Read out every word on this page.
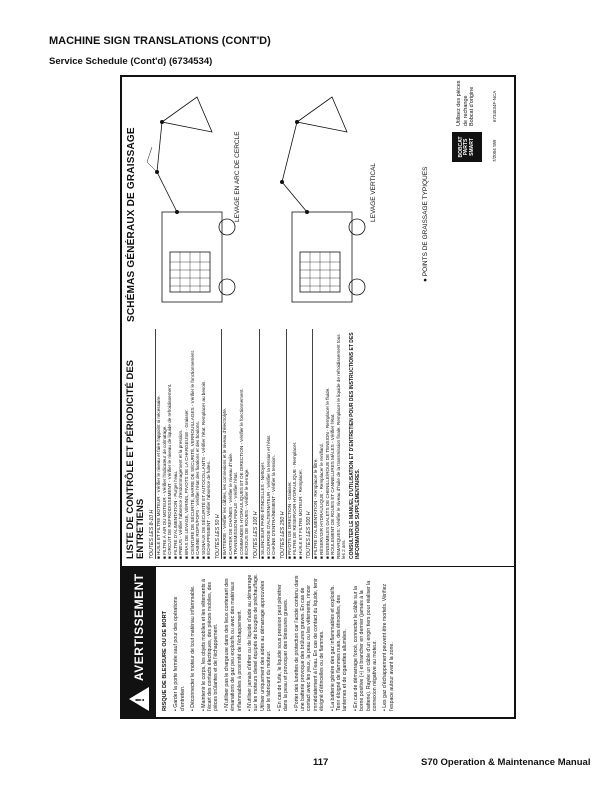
MACHINE SIGN TRANSLATIONS (CONT'D)
Service Schedule (Cont'd) (6734534)
!
AVERTISSEMENT	RISQUE DE BLESSURE OU DE MORT • Garder la porte fermée sauf pour des opérations d'entretien. • Déconnecter le moteur de tout matériau inflammable. • Maintenir le corps, les objets mobiles et les vêtements à l'écart des contacts électriques, des pièces mobiles, des pièces brûlantes et de l'échappement. • N'utiliser pas le chargeuse dans des lieux contenant des émanations de gaz peu explosifs ou avec des matériaux inflammables à proximité de l'échappement. • N'utiliser jamais d'éther ou de liquide d'aide au démarrage sur les moteurs diesel équipés de bougies de préchauffage. Utiliser uniquement des aides au démarrage approuvées par le fabricant du moteur. • En cas de fuite, le liquide sous pression peut pénétrer dans la peau et provoquer des blessures graves. • Porter des lunettes de protection car l'acide contenu dans une batterie provoque des brûlures graves. En cas de contact avec les yeux, la peau ou les vêtements, rincer immédiatement à l'eau. En cas de contact du liquide, tenir éloigné d'étincelles ou de flammes. • La batterie génère des gaz inflammables et explosifs. Tenir éloigné de flammes nues, des étincelles, des lanternes et de cigarettes allumées. • En cas de démarrage forcé, connecter le câble sur la borne positive (+) et brancher en dernier (jamais à la batterie). Rayée un câble d'un engin tiers pour réaliser la connexion négative au moteur. • Les gaz d'échappement peuvent être mortels. Vérifiez l'espace autour avant la zone.

LISTE DE CONTRÔLE ET PÉRIODICITÉ DES ENTRETIENS TOUTES LES 8-10 H ■ HUILE ET FILTRE MOTEUR - Vérifier le niveau et faire l'appoint si nécessaire. ■ FILTRE À AIR DU MOTEUR - Vérifier l'indicateur de colmatage. ■ CIRCUIT DE REFROIDISSEMENT - Vérifier le niveau de liquide de refroidissement. ■ FILTRE D'ALIMENTATION - Purger l'eau. ■ PNEUS - Vérifier l'absence d'endommagement et la pression. ■ BRAS DE LEVAGE, VÉRINS, PIVOTS DE LA CHARGEUSE - Graisser. ■ CEINTURE DE SÉCURITÉ, BARRE DE SÉCURITÉ, VERROUILLAGES - Vérifier le fonctionnement. ■ CABINE ROPS/FOPS - Vérifier l'état des fixations et des boulons. ■ SIGNAUX DE SÉCURITÉ ET AUTOCOLLANTS - Vérifier l'état. Remplacer au besoin. ■ ÉCHAPPEMENT - Vérifier l'absence de fuites. TOUTES LES 50 H ■ BATTERIE - Vérifier les câbles, les connexions et le niveau d'électrolyte. ■ CARTER DE CHAÎNES - Vérifier le niveau d'huile. ■ TRANSMISSION FINALE - Vérifier l'état. ■ COMMANDES HYDRAULIQUES ET DE DIRECTION - Vérifier le fonctionnement. ■ ÉCROUS DE ROUES - Vérifier le serrage. TOUTES LES 100 H ■ SILENCIEUR PARE-ÉTINCELLES - Nettoyer. ■ COURROIE D'ALTERNATEUR - Vérifier la tension et l'état. ■ CHAÎNE D'ENTRAÎNEMENT - Vérifier la tension. TOUTES LES 250 H ■ PIVOTS DE DIRECTION - Graisser. ■ FILTRE DE RÉSERVOIR HYDRAULIQUE - Remplacer. ■ HUILE ET FILTRE MOTEUR - Remplacer. TOUTES LES 500 H ■ FILTRE D'ALIMENTATION - Remplacer le filtre. ■ RÉSERVOIR HYDRAULIQUE - Remplacer le reniflard. ■ ENSEMBLES GALETS DE CHENILLE/ROUE DE TENSION - Remplacer le fluide. ■ ROULEMENT DE ROUES ET CANNELURES MÂLES - Vérifier l'état. REMARQUES: Vérifier le niveau d'huile de la transmission finale. Remplacer le liquide de refroidissement tous les 2 ans. CONSULTER LE MANUEL D'UTILISATION ET D'ENTRETIEN POUR DES INSTRUCTIONS ET DES INFORMATIONS SUPPLÉMENTAIRES.
SCHÉMAS GÉNÉRAUX DE GRAISSAGE	LEVAGE EN ARC DE CERCLE	LEVAGE VERTICAL	● POINTS DE GRAISSAGE TYPIQUES
BOBCAT PARTS SMART
Utilisez des pièces de rechange Bobcat d'origine	6734534F-NCA
7/2004 SW
117	S70 Operation & Maintenance Manual
